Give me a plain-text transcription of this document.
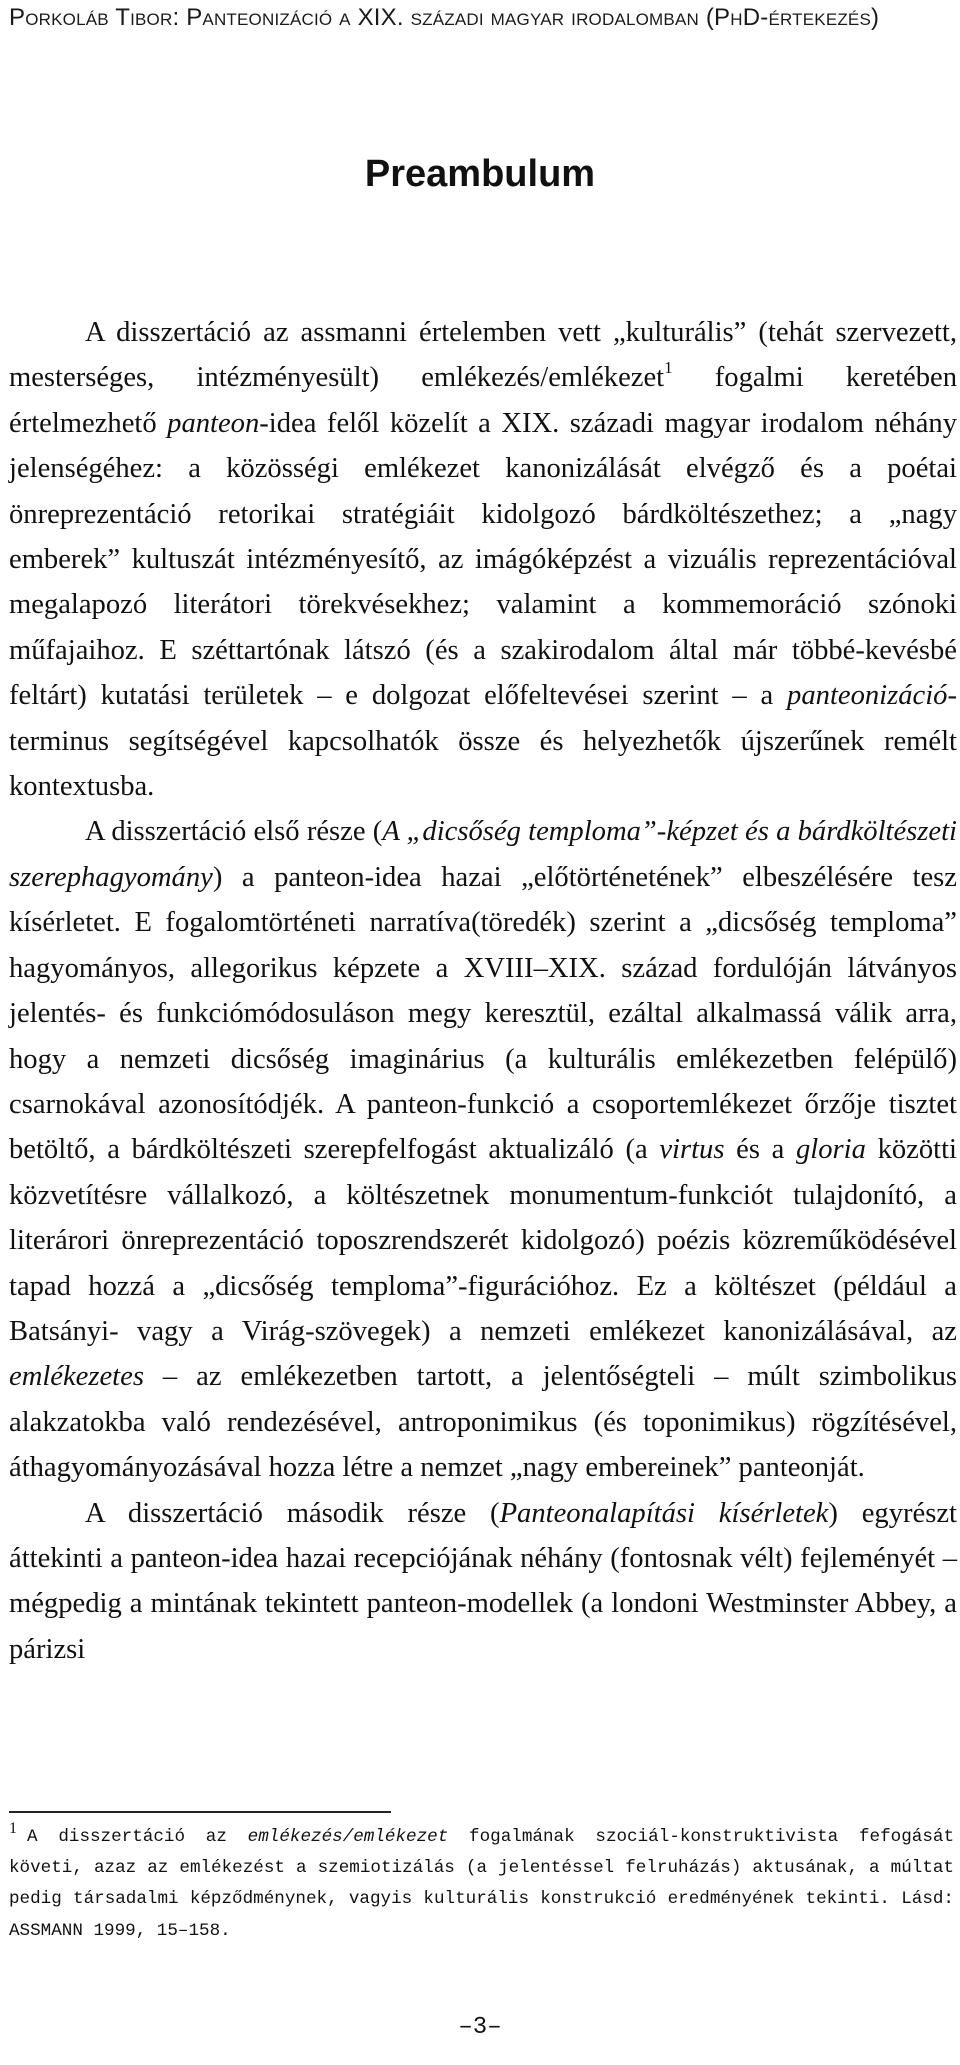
Porkoláb Tibor: Panteonizáció a XIX. századi magyar irodalomban (PhD-értekezés)
Preambulum

A disszertáció az assmanni értelemben vett „kulturális” (tehát szervezett, mesterséges, intézményesült) emlékezés/emlékezet$^1$ fogalmi keretében értelmezhető panteon-idea felől közelít a XIX. századi magyar irodalom néhány jelenségéhez: a közösségi emlékezet kanonizálását elvégző és a poétai önreprezentáció retorikai stratégiáit kidolgozó bárdköltészethez; a „nagy emberek” kultuszát intézményesítő, az imágóképzést a vizuális reprezentációval megalapozó literátori törekvésekhez; valamint a kommemoráció szónoki műfajaihoz. E széttartónak látszó (és a szakirodalom által már többé-kevésbé feltárt) kutatási területek – e dolgozat előfeltevései szerint – a panteonizáció-terminus segítségével kapcsolhatók össze és helyezhetők újszerűnek remélt kontextusba.

A disszertáció első része (A „dicsőség temploma”-képzet és a bárdköltészeti szerephagyomány) a panteon-idea hazai „előtörténetének” elbeszélésére tesz kísérletet. E fogalomtörténeti narratíva(töredék) szerint a „dicsőség temploma” hagyományos, allegorikus képzete a XVIII–XIX. század fordulóján látványos jelentés- és funkciómódosuláson megy keresztül, ezáltal alkalmassá válik arra, hogy a nemzeti dicsőség imaginárius (a kulturális emlékezetben felépülő) csarnokával azonosítódjék. A panteon-funkció a csoportemlékezet őrzője tisztet betöltő, a bárdköltészeti szerepfelfogást aktualizáló (a virtus és a gloria közötti közvetítésre vállalkozó, a költészetnek monumentum-funkciót tulajdonító, a literárori önreprezentáció toposzrendszerét kidolgozó) poézis közreműködésével tapad hozzá a „dicsőség temploma”-figurációhoz. Ez a költészet (például a Batsányi- vagy a Virág-szövegek) a nemzeti emlékezet kanonizálásával, az emlékezetes – az emlékezetben tartott, a jelentőségteli – múlt szimbolikus alakzatokba való rendezésével, antroponimikus (és toponimikus) rögzítésével, áthagyományozásával hozza létre a nemzet „nagy embereinek” panteonját.

A disszertáció második része (Panteonalapítási kísérletek) egyrészt áttekinti a panteon-idea hazai recepciójának néhány (fontosnak vélt) fejleményét – mégpedig a mintának tekintett panteon-modellek (a londoni Westminster Abbey, a párizsi

1 A disszertáció az emlékezés/emlékezet fogalmának szociál-konstruktivista fefogását követi, azaz az emlékezést a szemiotizálás (a jelentéssel felruházás) aktusának, a múltat pedig társadalmi képződménynek, vagyis kulturális konstrukció eredményének tekinti. Lásd: ASSMANN 1999, 15–158.
–3–
